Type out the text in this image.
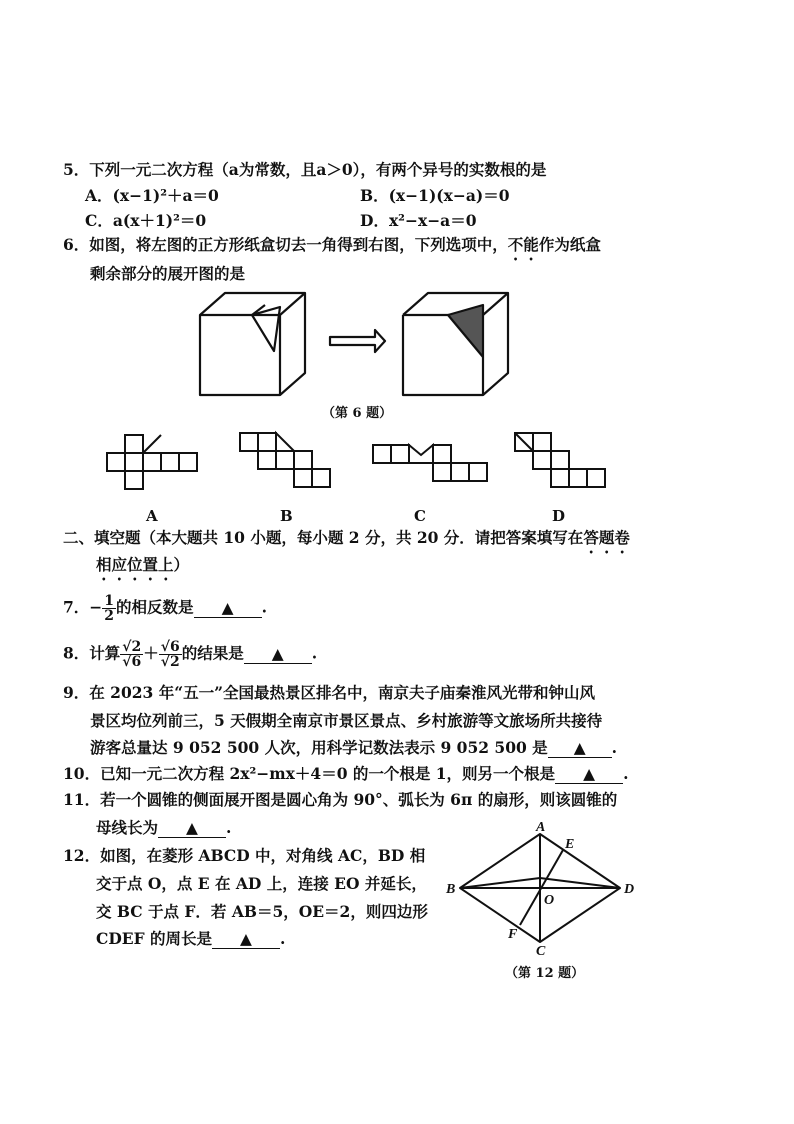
5．下列一元二次方程（a为常数，且a＞0），有两个异号的实数根的是
A．(x−1)²＋a＝0	B．(x−1)(x−a)＝0
C．a(x＋1)²＝0	D．x²−x−a＝0
6．如图，将左图的正方形纸盒切去一角得到右图，下列选项中，不能作为纸盒
剩余部分的展开图的是
（第 6 题）
A	B	C	D
二、填空题（本大题共 10 小题，每小题 2 分，共 20 分．请把答案填写在答题卷
相应位置上）
7．− $\frac{1}{2}$ 的相反数是 ▲ .
8．计算 $\frac{√2}{√6} + \frac{√6}{√2}$ 的结果是 ▲ .
9．在 2023 年“五一”全国最热景区排名中，南京夫子庙秦淮风光带和钟山风
景区均位列前三，5 天假期全南京市景区景点、乡村旅游等文旅场所共接待
游客总量达 9 052 500 人次，用科学记数法表示 9 052 500 是 ▲ .
10．已知一元二次方程 2x²−mx＋4＝0 的一个根是 1，则另一个根是 ▲ .
11．若一个圆锥的侧面展开图是圆心角为 90°、弧长为 6π 的扇形，则该圆锥的
母线长为 ▲ .
12．如图，在菱形 ABCD 中，对角线 AC，BD 相
交于点 O，点 E 在 AD 上，连接 EO 并延长，
交 BC 于点 F．若 AB＝5，OE＝2，则四边形
CDEF 的周长是 ▲ .
A
B
C
D
E
F
O
（第 12 题）
